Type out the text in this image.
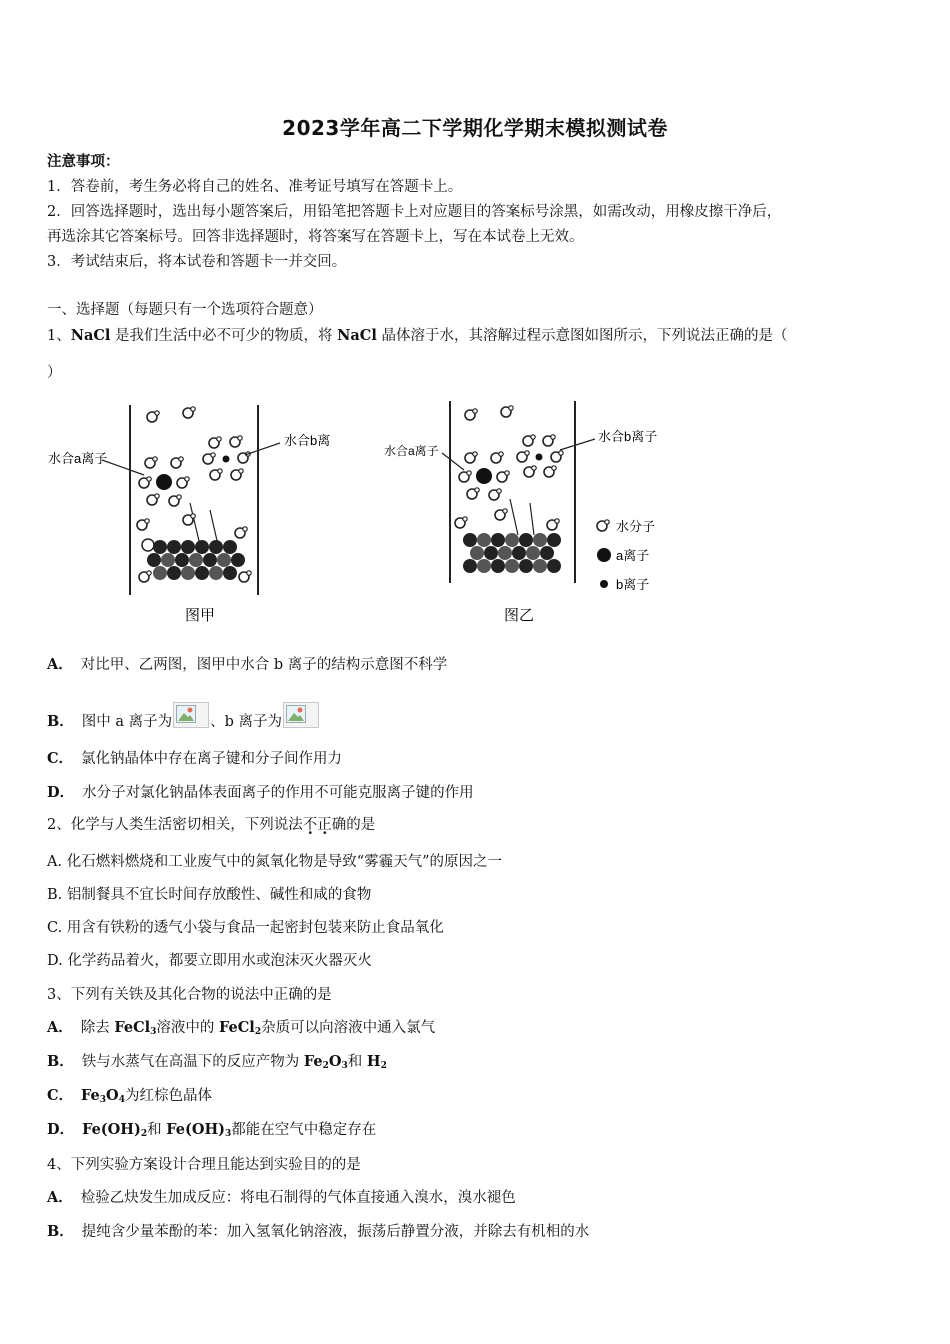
2023学年高二下学期化学期末模拟测试卷
注意事项：
1．答卷前，考生务必将自己的姓名、准考证号填写在答题卡上。
2．回答选择题时，选出每小题答案后，用铅笔把答题卡上对应题目的答案标号涂黑，如需改动，用橡皮擦干净后，
再选涂其它答案标号。回答非选择题时，将答案写在答题卡上，写在本试卷上无效。
3．考试结束后，将本试卷和答题卡一并交回。
一、选择题（每题只有一个选项符合题意）
1、NaCl 是我们生活中必不可少的物质，将 NaCl 晶体溶于水，其溶解过程示意图如图所示，下列说法正确的是（
）
水合a离子
水合b离
图甲
水合a离子
水合b离子
图乙
水分子
a离子
b离子
A． 对比甲、乙两图，图甲中水合 b 离子的结构示意图不科学
B． 图中 a 离子为	、b 离子为
C． 氯化钠晶体中存在离子键和分子间作用力
D． 水分子对氯化钠晶体表面离子的作用不可能克服离子键的作用
2、化学与人类生活密切相关，下列说法不正确的是
A. 化石燃料燃烧和工业废气中的氮氧化物是导致“雾霾天气”的原因之一
B. 铝制餐具不宜长时间存放酸性、碱性和咸的食物
C. 用含有铁粉的透气小袋与食品一起密封包装来防止食品氧化
D. 化学药品着火，都要立即用水或泡沫灭火器灭火
3、下列有关铁及其化合物的说法中正确的是
A． 除去 FeCl$_3$溶液中的 FeCl$_2$杂质可以向溶液中通入氯气
B． 铁与水蒸气在高温下的反应产物为 $Fe_2O_3$和 $H_2$
C． $Fe_3O_4$为红棕色晶体
D． $Fe(OH)_2$和 $Fe(OH)_3$都能在空气中稳定存在
4、下列实验方案设计合理且能达到实验目的的是
A． 检验乙炔发生加成反应：将电石制得的气体直接通入溴水，溴水褪色
B． 提纯含少量苯酚的苯：加入氢氧化钠溶液，振荡后静置分液，并除去有机相的水
